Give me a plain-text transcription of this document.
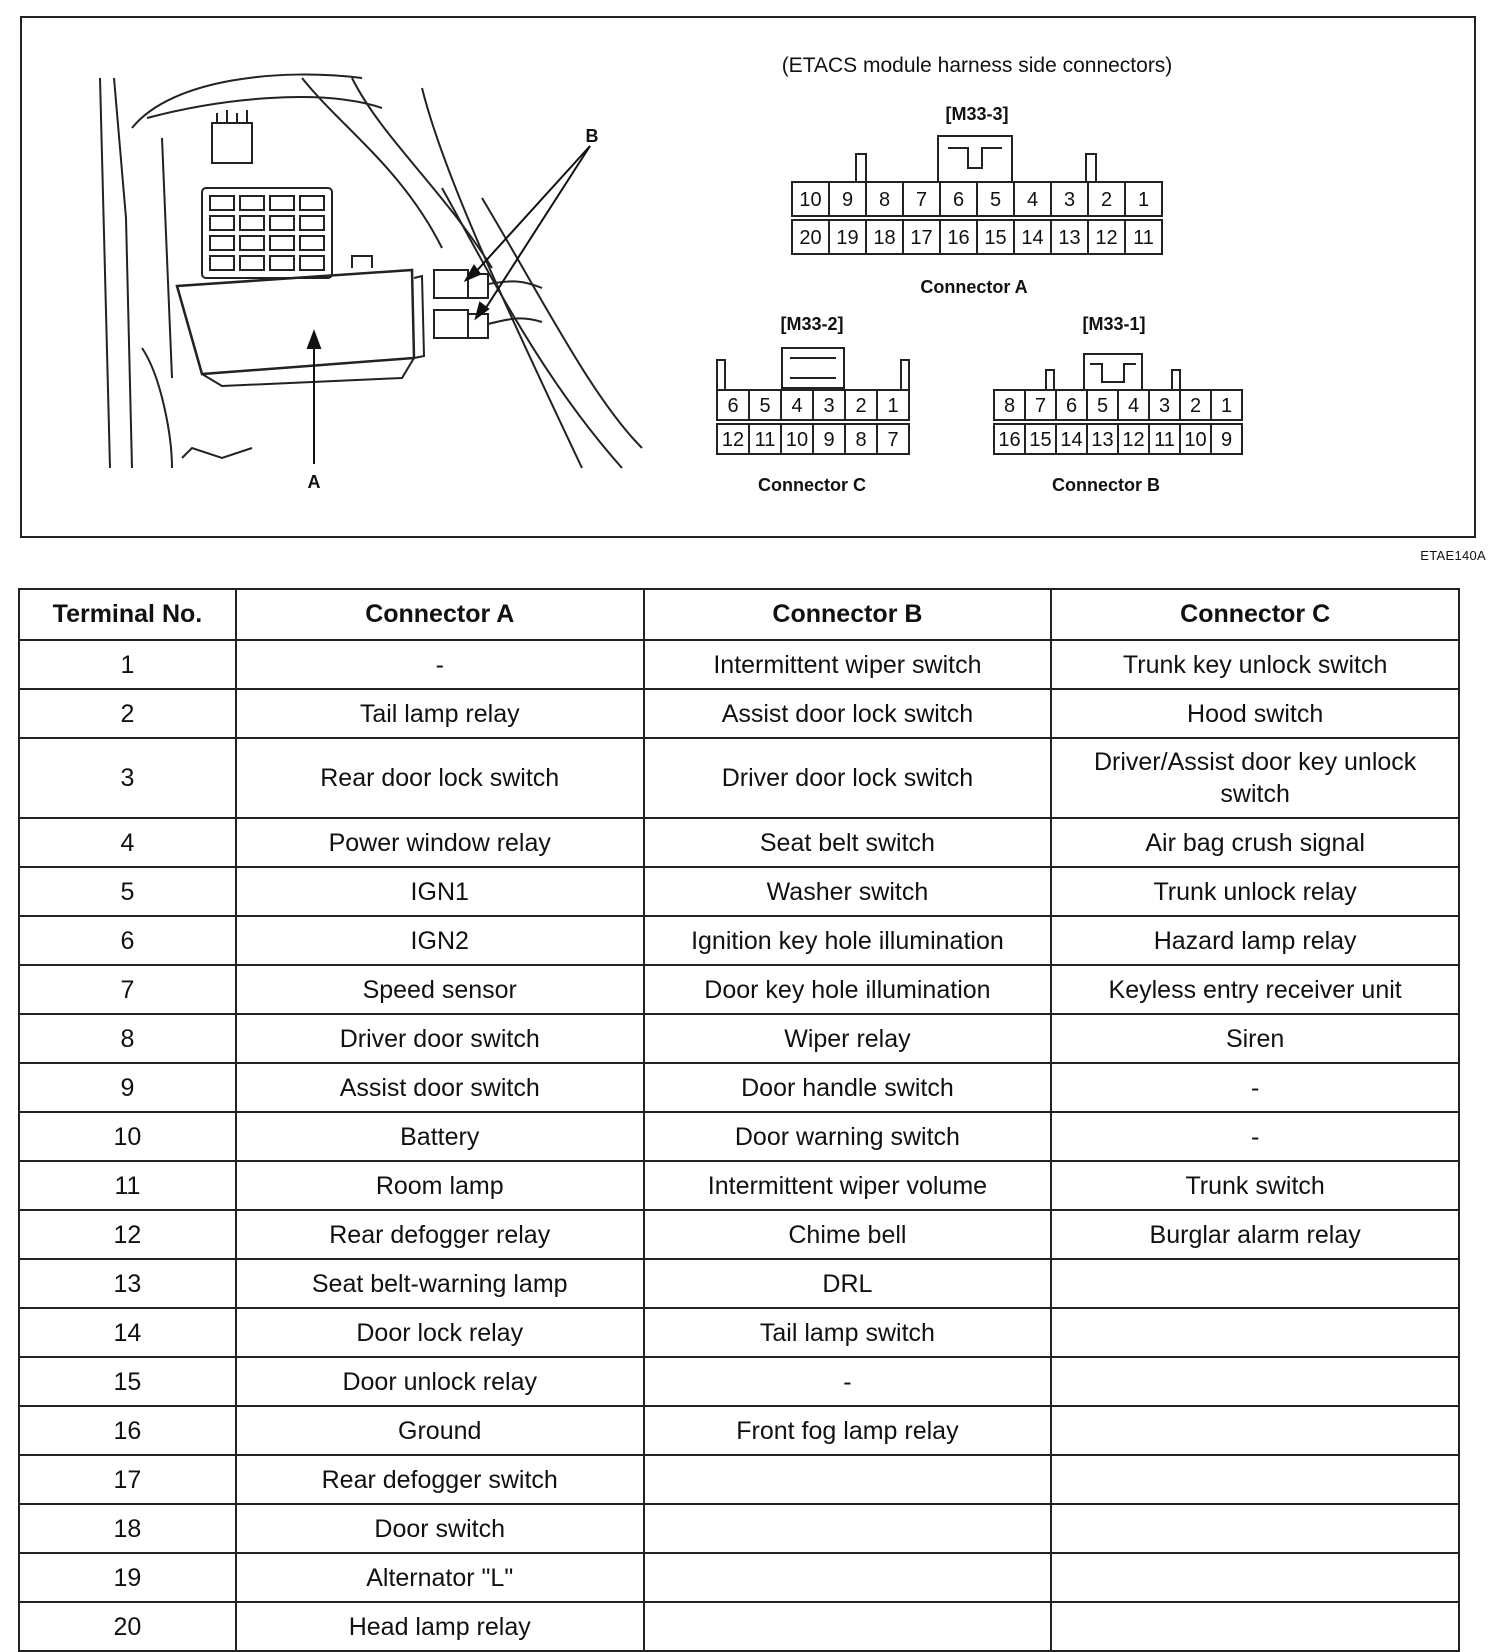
A
B
(ETACS module harness side connectors)
[M33-3]
10 9 8 7 6 5 4 3 2 1
20 19 18 17 16 15 14 13 12 11
Connector A
[M33-2]
6 5 4 3 2 1
12 11 10 9 8 7
Connector C
[M33-1]
8 7 6 5 4 3 2 1
16 15 14 13 12 11 10 9
Connector B
ETAE140A
Terminal No.	Connector A	Connector B	Connector C
1	-	Intermittent wiper switch	Trunk key unlock switch
2	Tail lamp relay	Assist door lock switch	Hood switch
3	Rear door lock switch	Driver door lock switch	Driver/Assist door key unlock switch
4	Power window relay	Seat belt switch	Air bag crush signal
5	IGN1	Washer switch	Trunk unlock relay
6	IGN2	Ignition key hole illumination	Hazard lamp relay
7	Speed sensor	Door key hole illumination	Keyless entry receiver unit
8	Driver door switch	Wiper relay	Siren
9	Assist door switch	Door handle switch	-
10	Battery	Door warning switch	-
11	Room lamp	Intermittent wiper volume	Trunk switch
12	Rear defogger relay	Chime bell	Burglar alarm relay
13	Seat belt-warning lamp	DRL	
14	Door lock relay	Tail lamp switch	
15	Door unlock relay	-	
16	Ground	Front fog lamp relay	
17	Rear defogger switch		
18	Door switch		
19	Alternator "L"		
20	Head lamp relay		
